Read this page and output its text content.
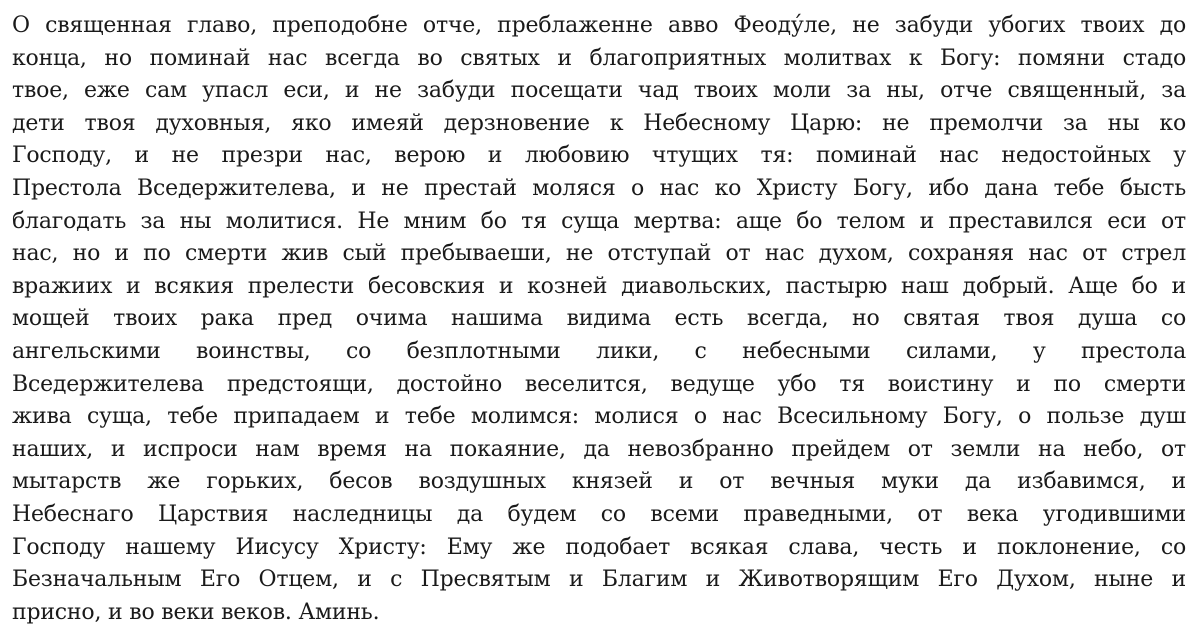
О священная главо, преподобне отче, преблаженне авво Феоду́ле, не забуди убогих твоих до
конца, но поминай нас всегда во святых и благоприятных молитвах к Богу: помяни стадо
твое, еже сам упасл еси, и не забуди посещати чад твоих моли за ны, отче священный, за
дети твоя духовныя, яко имеяй дерзновение к Небесному Царю: не премолчи за ны ко
Господу, и не презри нас, верою и любовию чтущих тя: поминай нас недостойных у
Престола Вседержителева, и не престай моляся о нас ко Христу Богу, ибо дана тебе бысть
благодать за ны молитися. Не мним бо тя суща мертва: аще бо телом и преставился еси от
нас, но и по смерти жив сый пребываеши, не отступай от нас духом, сохраняя нас от стрел
вражиих и всякия прелести бесовския и козней диавольских, пастырю наш добрый. Аще бо и
мощей твоих рака пред очима нашима видима есть всегда, но святая твоя душа со
ангельскими воинствы, со безплотными лики, с небесными силами, у престола
Вседержителева предстоящи, достойно веселится, ведуще убо тя воистину и по смерти
жива суща, тебе припадаем и тебе молимся: молися о нас Всесильному Богу, о пользе душ
наших, и испроси нам время на покаяние, да невозбранно прейдем от земли на небо, от
мытарств же горьких, бесов воздушных князей и от вечныя муки да избавимся, и
Небеснаго Царствия наследницы да будем со всеми праведными, от века угодившими
Господу нашему Иисусу Христу: Ему же подобает всякая слава, честь и поклонение, со
Безначальным Его Отцем, и с Пресвятым и Благим и Животворящим Его Духом, ныне и
присно, и во веки веков. Аминь.
